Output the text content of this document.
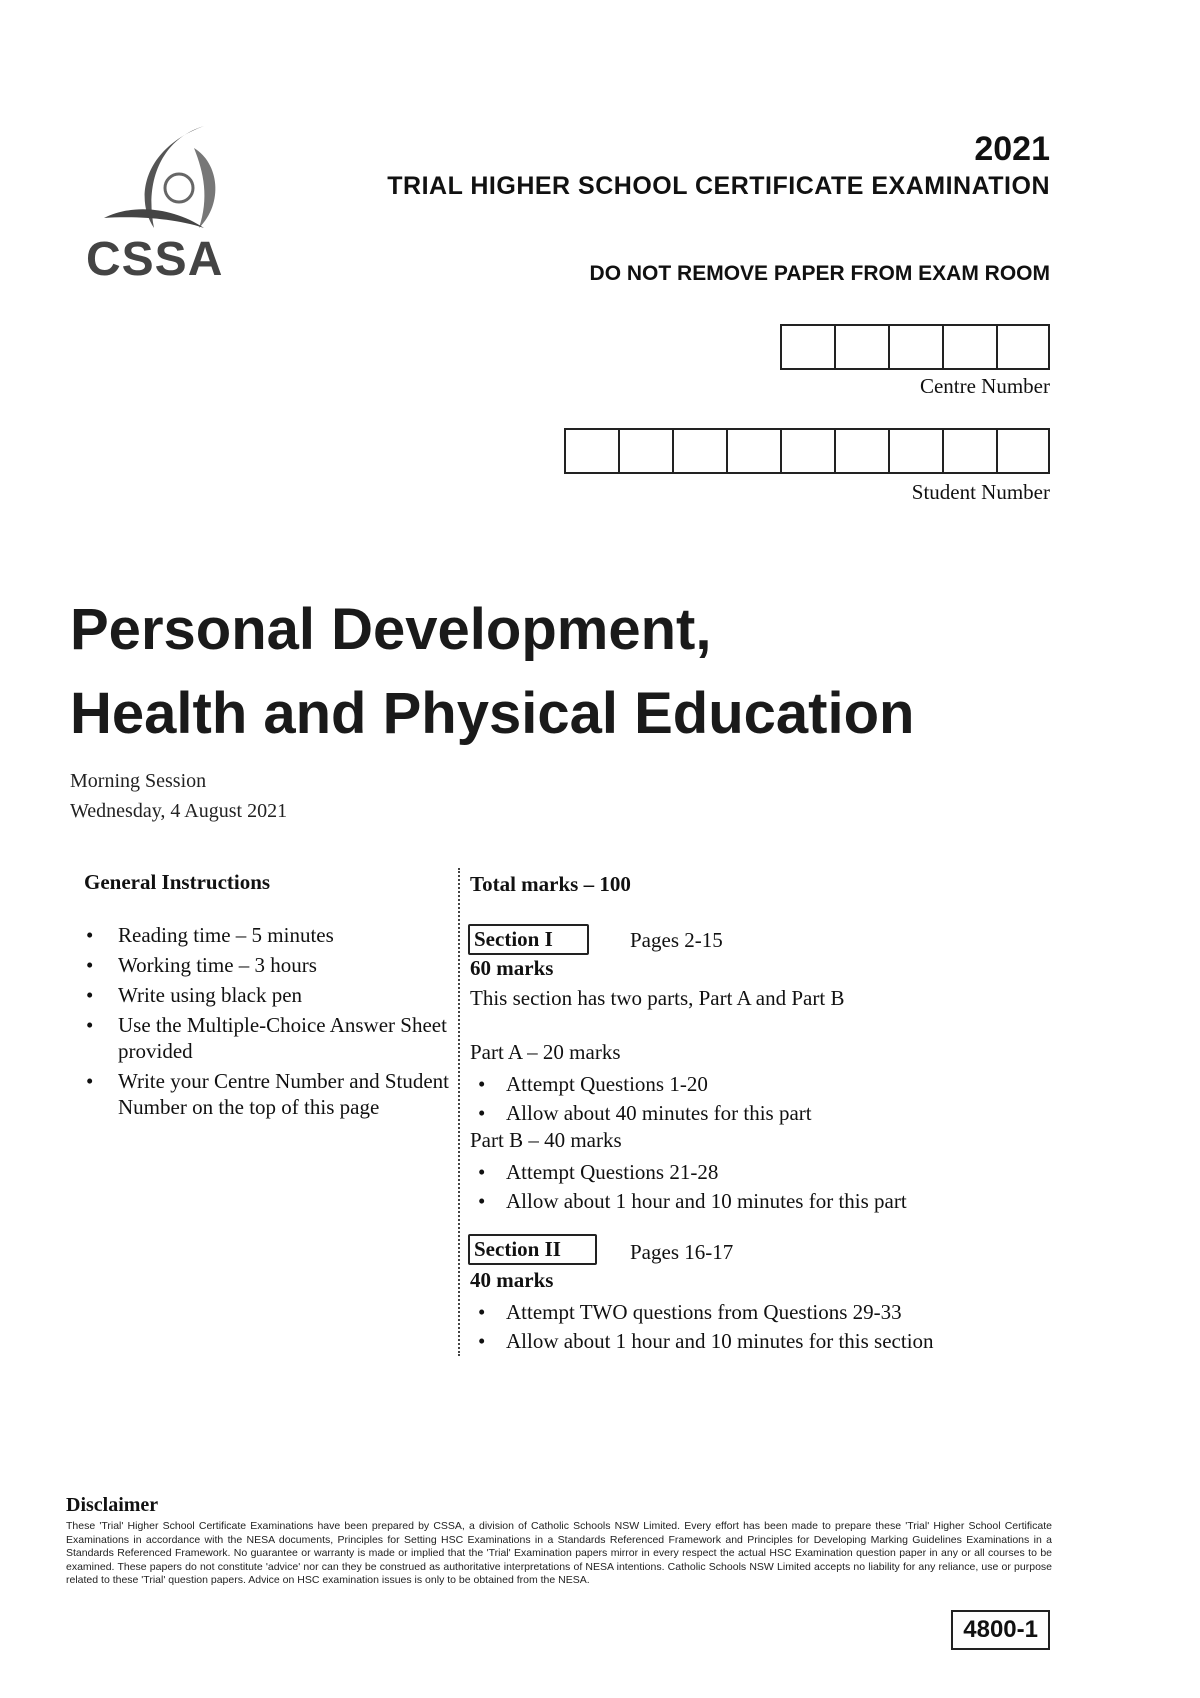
CSSA
2021
TRIAL HIGHER SCHOOL CERTIFICATE EXAMINATION
DO NOT REMOVE PAPER FROM EXAM ROOM
Centre Number
Student Number
Personal Development,
Health and Physical Education
Morning Session
Wednesday, 4 August 2021
General Instructions
• Reading time – 5 minutes
• Working time – 3 hours
• Write using black pen
• Use the Multiple-Choice Answer Sheet provided
• Write your Centre Number and Student Number on the top of this page
Total marks – 100
Section I	Pages 2-15
60 marks
This section has two parts, Part A and Part B
Part A – 20 marks
• Attempt Questions 1-20
• Allow about 40 minutes for this part
Part B – 40 marks
• Attempt Questions 21-28
• Allow about 1 hour and 10 minutes for this part
Section II	Pages 16-17
40 marks
• Attempt TWO questions from Questions 29-33
• Allow about 1 hour and 10 minutes for this section
Disclaimer
These 'Trial' Higher School Certificate Examinations have been prepared by CSSA, a division of Catholic Schools NSW Limited. Every effort has been made to prepare these 'Trial' Higher School Certificate Examinations in accordance with the NESA documents, Principles for Setting HSC Examinations in a Standards Referenced Framework and Principles for Developing Marking Guidelines Examinations in a Standards Referenced Framework. No guarantee or warranty is made or implied that the 'Trial' Examination papers mirror in every respect the actual HSC Examination question paper in any or all courses to be examined. These papers do not constitute 'advice' nor can they be construed as authoritative interpretations of NESA intentions. Catholic Schools NSW Limited accepts no liability for any reliance, use or purpose related to these 'Trial' question papers. Advice on HSC examination issues is only to be obtained from the NESA.
4800-1
